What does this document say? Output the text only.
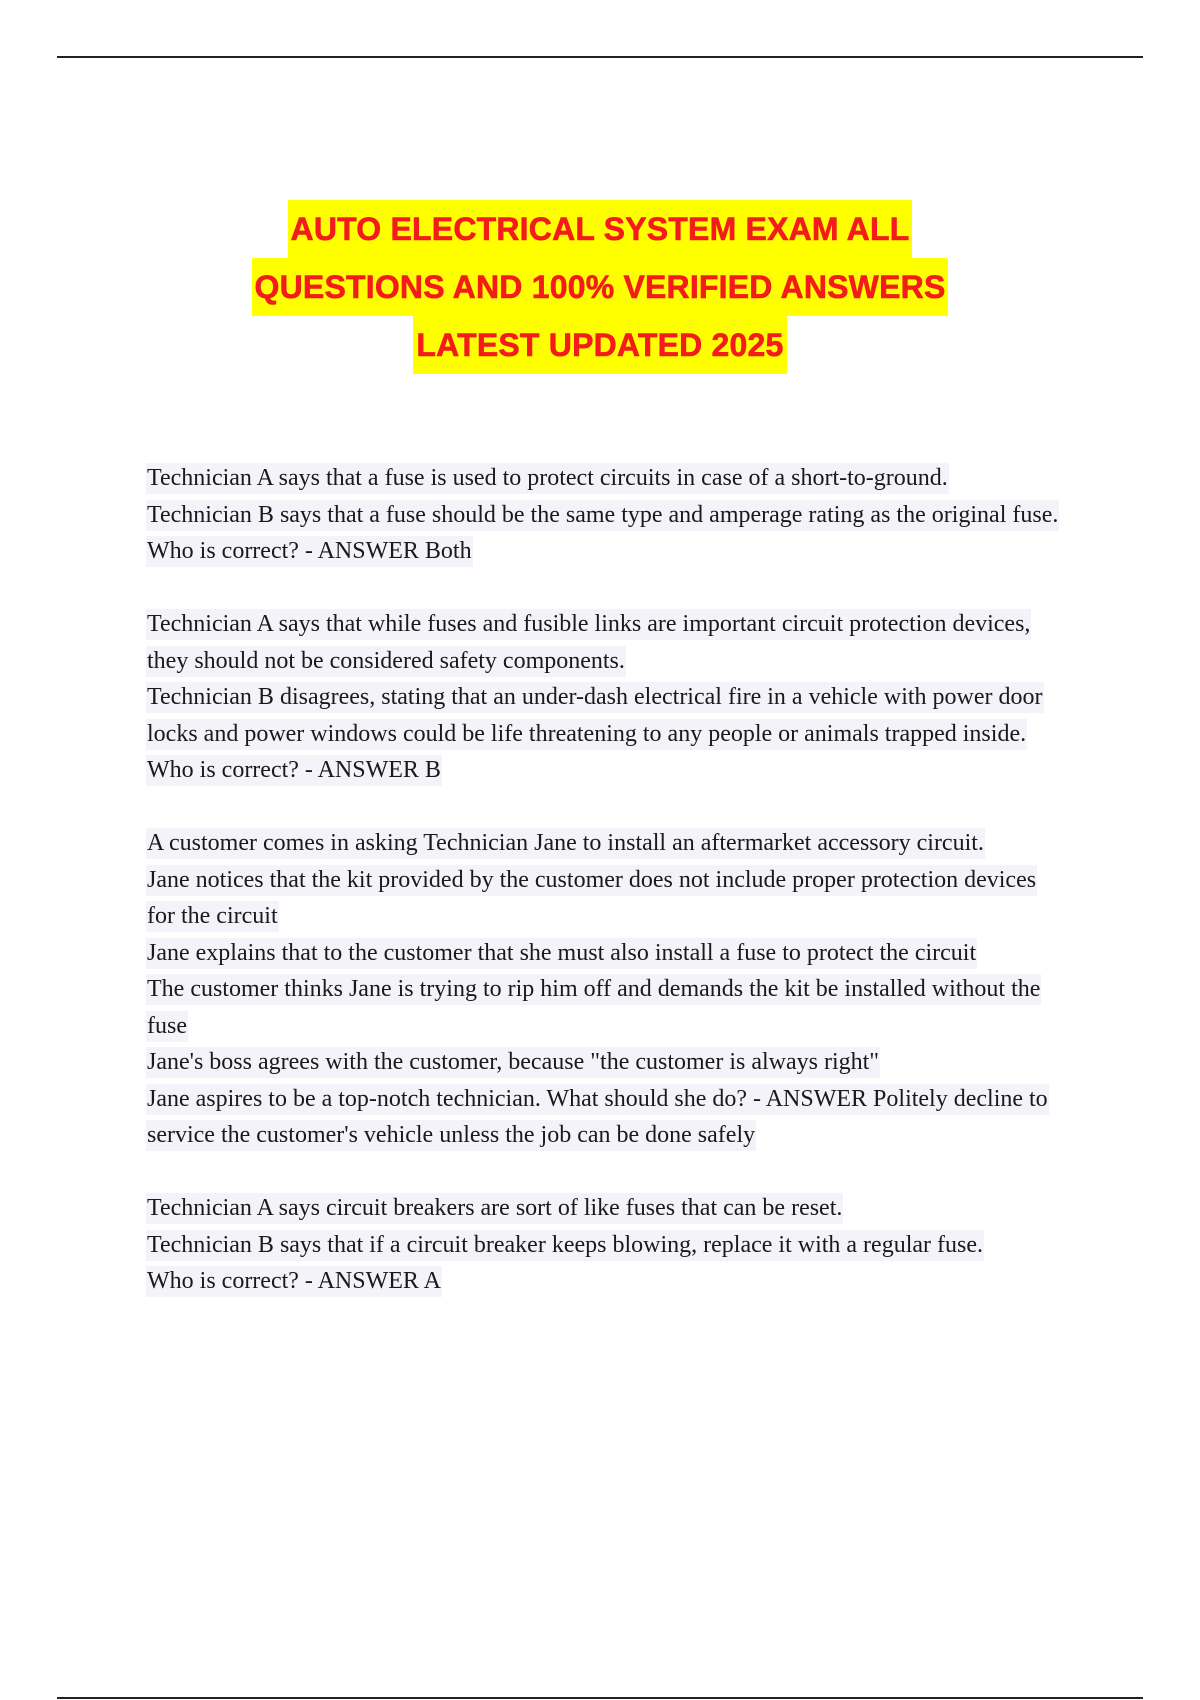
AUTO ELECTRICAL SYSTEM EXAM ALL
QUESTIONS AND 100% VERIFIED ANSWERS
LATEST UPDATED 2025
Technician A says that a fuse is used to protect circuits in case of a short-to-ground.
Technician B says that a fuse should be the same type and amperage rating as the original fuse.
Who is correct? - ANSWER Both
Technician A says that while fuses and fusible links are important circuit protection devices, they should not be considered safety components.
Technician B disagrees, stating that an under-dash electrical fire in a vehicle with power door locks and power windows could be life threatening to any people or animals trapped inside.
Who is correct? - ANSWER B
A customer comes in asking Technician Jane to install an aftermarket accessory circuit.
Jane notices that the kit provided by the customer does not include proper protection devices for the circuit
Jane explains that to the customer that she must also install a fuse to protect the circuit
The customer thinks Jane is trying to rip him off and demands the kit be installed without the fuse
Jane's boss agrees with the customer, because "the customer is always right"
Jane aspires to be a top-notch technician. What should she do? - ANSWER Politely decline to service the customer's vehicle unless the job can be done safely
Technician A says circuit breakers are sort of like fuses that can be reset.
Technician B says that if a circuit breaker keeps blowing, replace it with a regular fuse.
Who is correct? - ANSWER A
